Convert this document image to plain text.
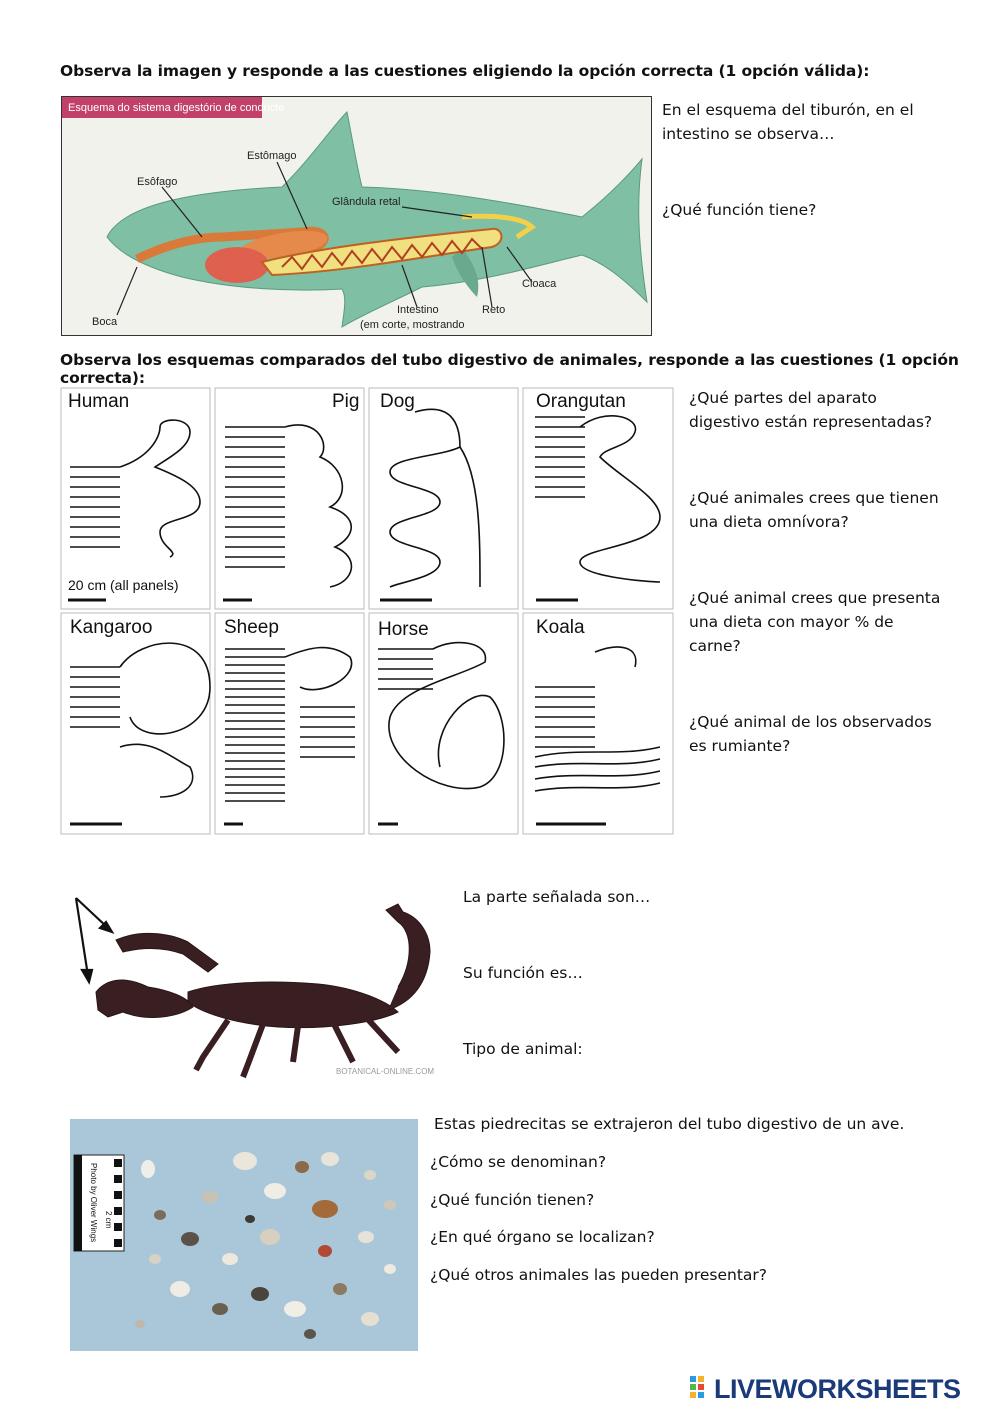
Observa la imagen y responde a las cuestiones eligiendo la opción correcta (1 opción válida):
Esquema do sistema digestório de condricte
Estômago
Esôfago
Glândula retal
Boca
Intestino
(em corte, mostrando
Reto
Cloaca
En el esquema del tiburón, en el intestino se observa…
¿Qué función tiene?
Observa los esquemas comparados del tubo digestivo de animales, responde a las cuestiones (1 opción correcta):
Human	Pig Dog	Orangutan
Kangaroo	Sheep	Horse	Koala
20 cm (all panels)
¿Qué partes del aparato digestivo están representadas?
¿Qué animales crees que tienen una dieta omnívora?
¿Qué animal crees que presenta una dieta con mayor % de carne?
¿Qué animal de los observados es rumiante?
BOTANICAL-ONLINE.COM
La parte señalada son…
Su función es…
Tipo de animal:
Photo by Oliver Wings 2 cm
Estas piedrecitas se extrajeron del tubo digestivo de un ave.
¿Cómo se denominan?
¿Qué función tienen?
¿En qué órgano se localizan?
¿Qué otros animales las pueden presentar?
LIVEWORKSHEETS
